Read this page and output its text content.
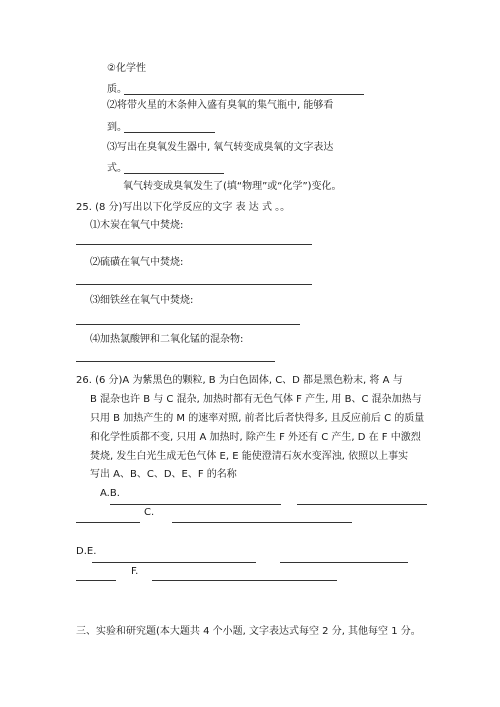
②化学性
质。
⑵将带火星的木条伸入盛有臭氧的集气瓶中, 能够看
到。
⑶写出在臭氧发生器中, 氧气转变成臭氧的文字表达
式。
氧气转变成臭氧发生了(填“物理”或“化学”)变化。
25. (8 分)写出以下化学反应的文字 表 达 式 。。
⑴木炭在氧气中焚烧:
⑵硫磺在氧气中焚烧:
⑶细铁丝在氧气中焚烧:
⑷加热氯酸钾和二氧化锰的混杂物:
26. (6 分)A 为紫黑色的颗粒, B 为白色固体, C、D 都是黑色粉末, 将 A 与
B 混杂也许 B 与 C 混杂, 加热时都有无色气体 F 产生, 用 B、C 混杂加热与
只用 B 加热产生的 M 的速率对照, 前者比后者快得多, 且反应前后 C 的质量
和化学性质都不变, 只用 A 加热时, 除产生 F 外还有 C 产生, D 在 F 中激烈
焚烧, 发生白光生成无色气体 E, E 能使澄清石灰水变浑浊, 依照以上事实
写出 A、B、C、D、E、F 的名称
A.B.
C.
D.E.
F.
三、实验和研究题(本大题共 4 个小题, 文字表达式每空 2 分, 其他每空 1 分。
